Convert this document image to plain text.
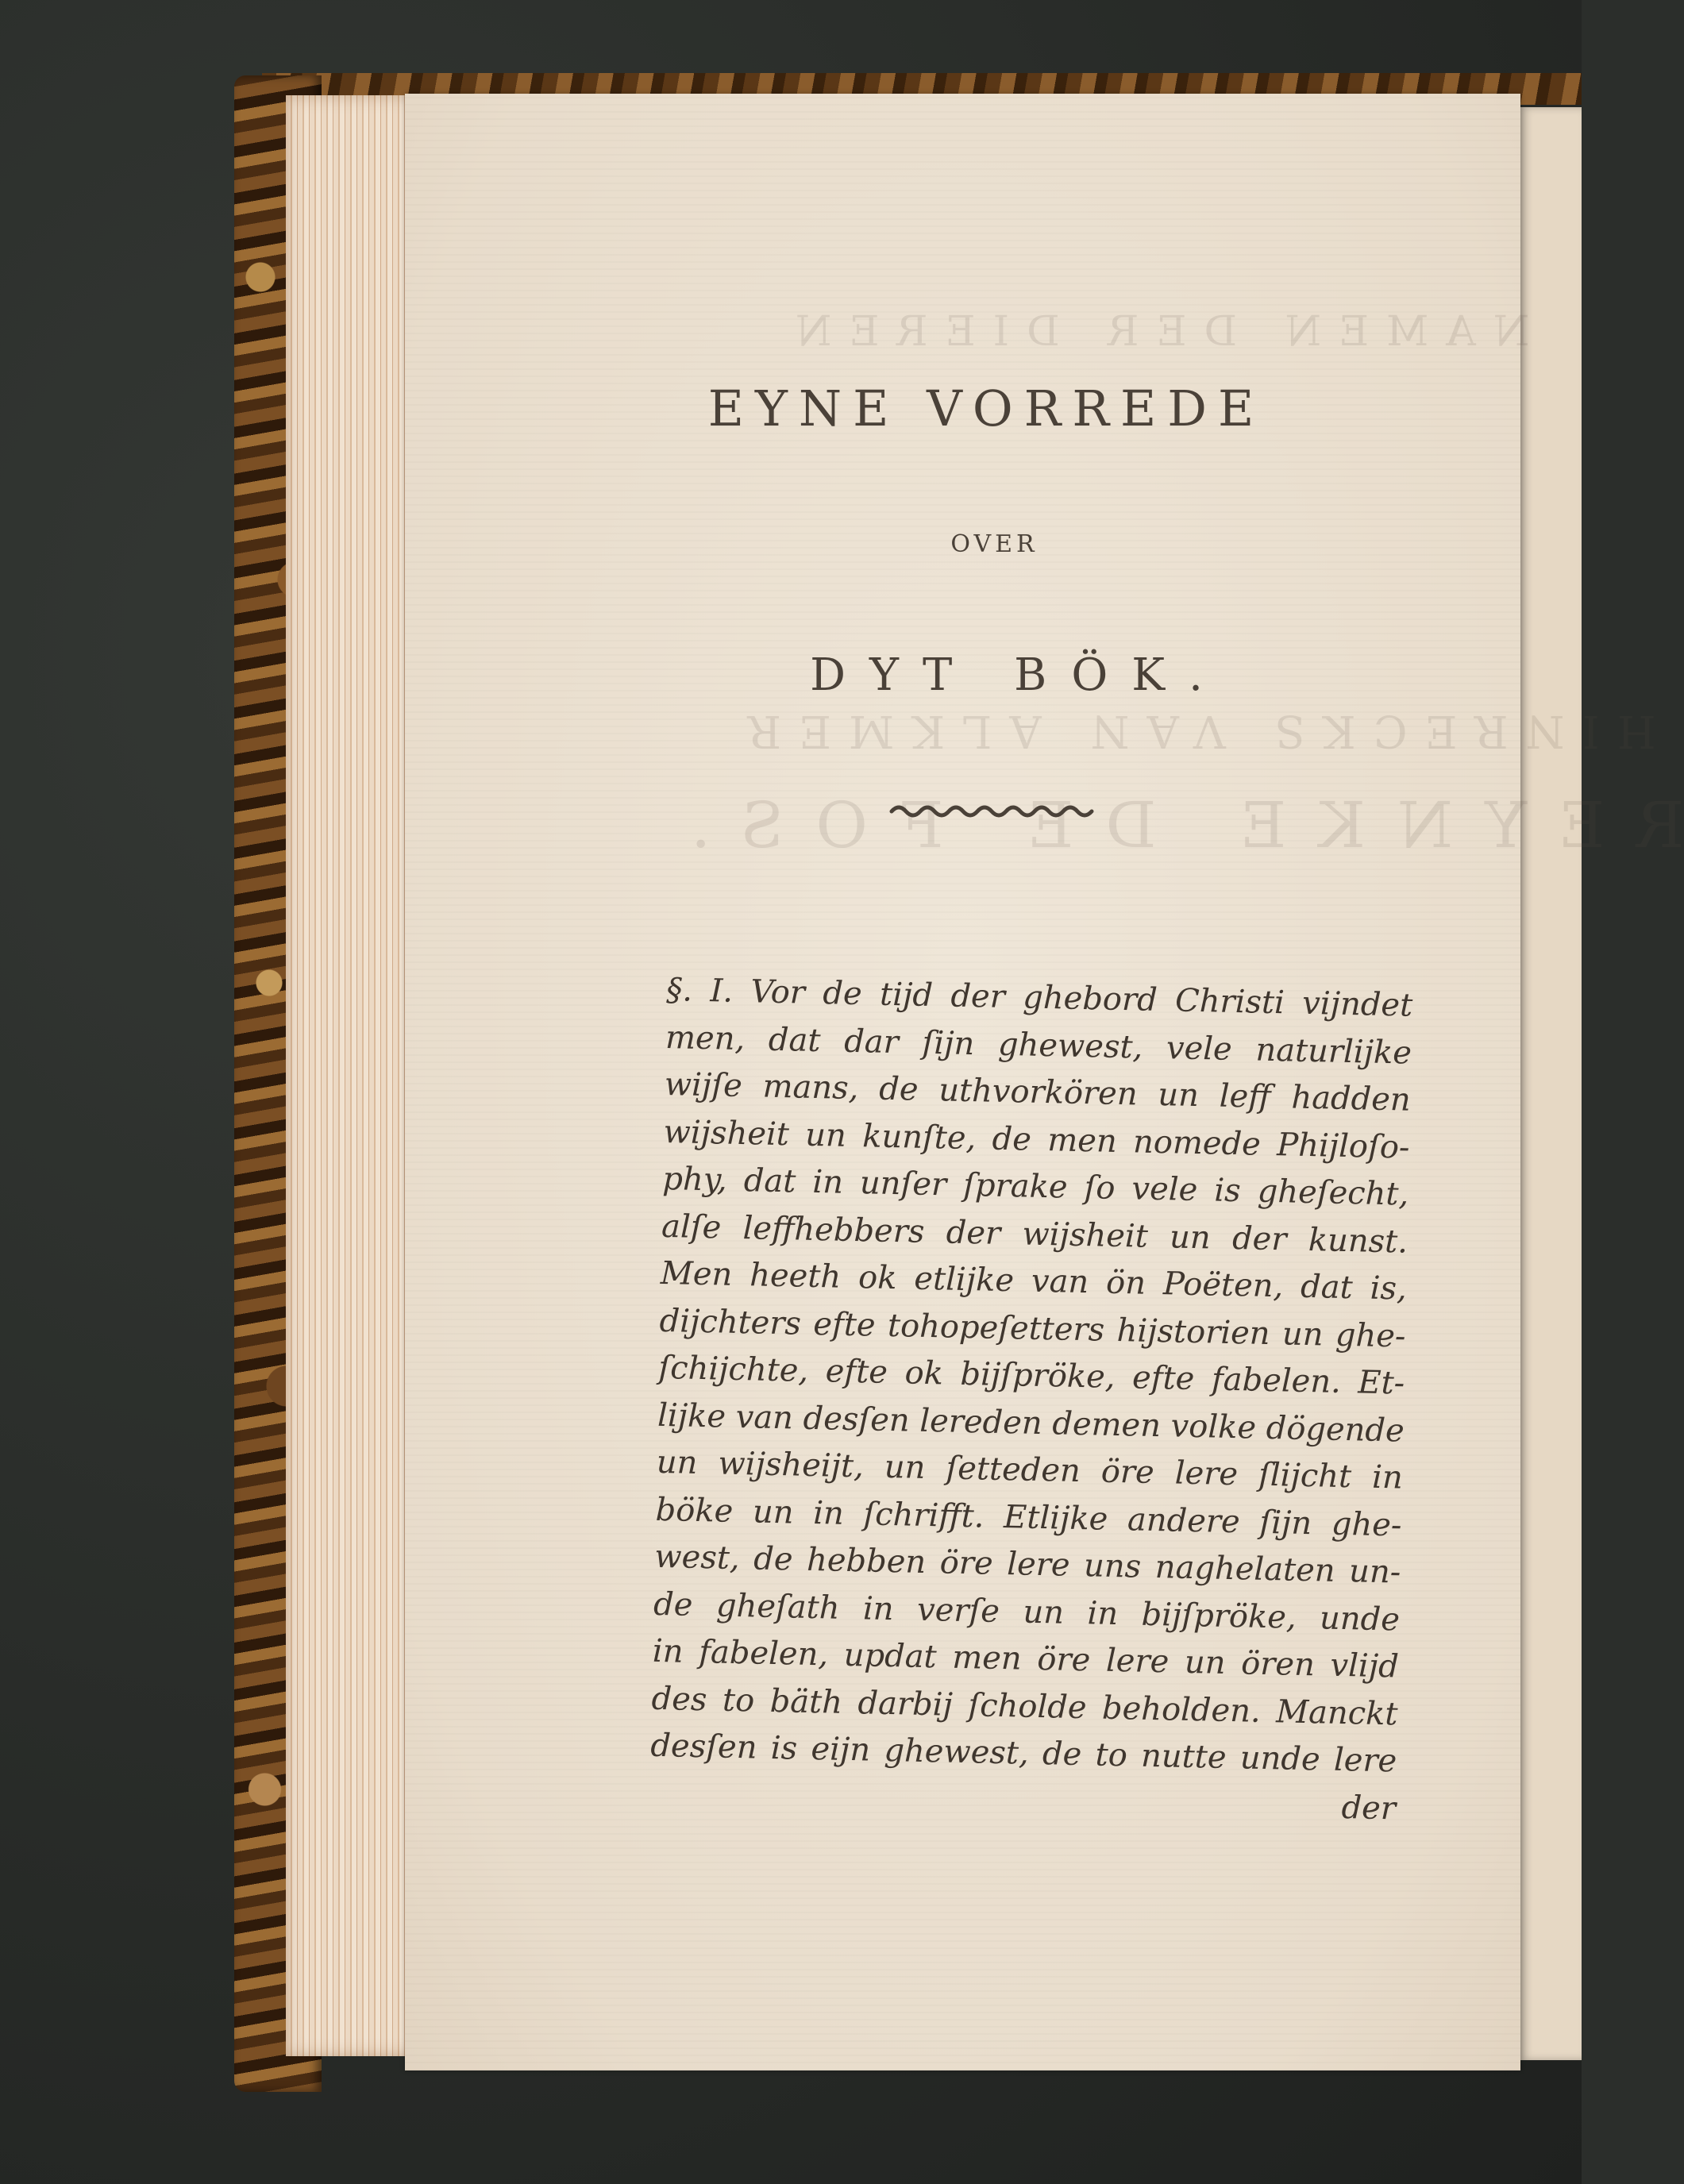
NAMEN DER DIEREN
HINRECKS VAN ALKMER
REYNKE DE FOS.
EYNE VORREDE
OVER
DYT BÖK.
§. I. Vor de tijd der ghebord Christi vijndet
men, dat dar ſijn ghewest, vele naturlijke
wijſe mans, de uthvorkören un leff hadden
wijsheit un kunſte, de men nomede Phijloſo-
phy, dat in unſer ſprake ſo vele is gheſecht,
alſe leffhebbers der wijsheit un der kunst.
Men heeth ok etlijke van ön Poëten, dat is,
dijchters efte tohopeſetters hijstorien un ghe-
ſchijchte, efte ok bijſpröke, efte fabelen. Et-
lijke van desſen lereden demen volke dögende
un wijsheijt, un ſetteden öre lere ſlijcht in
böke un in ſchrifft. Etlijke andere ſijn ghe-
west, de hebben öre lere uns naghelaten un-
de gheſath in verſe un in bijſpröke, unde
in fabelen, updat men öre lere un ören vlijd
des to bäth darbij ſcholde beholden. Manckt
desſen is eijn ghewest, de to nutte unde lere
der
